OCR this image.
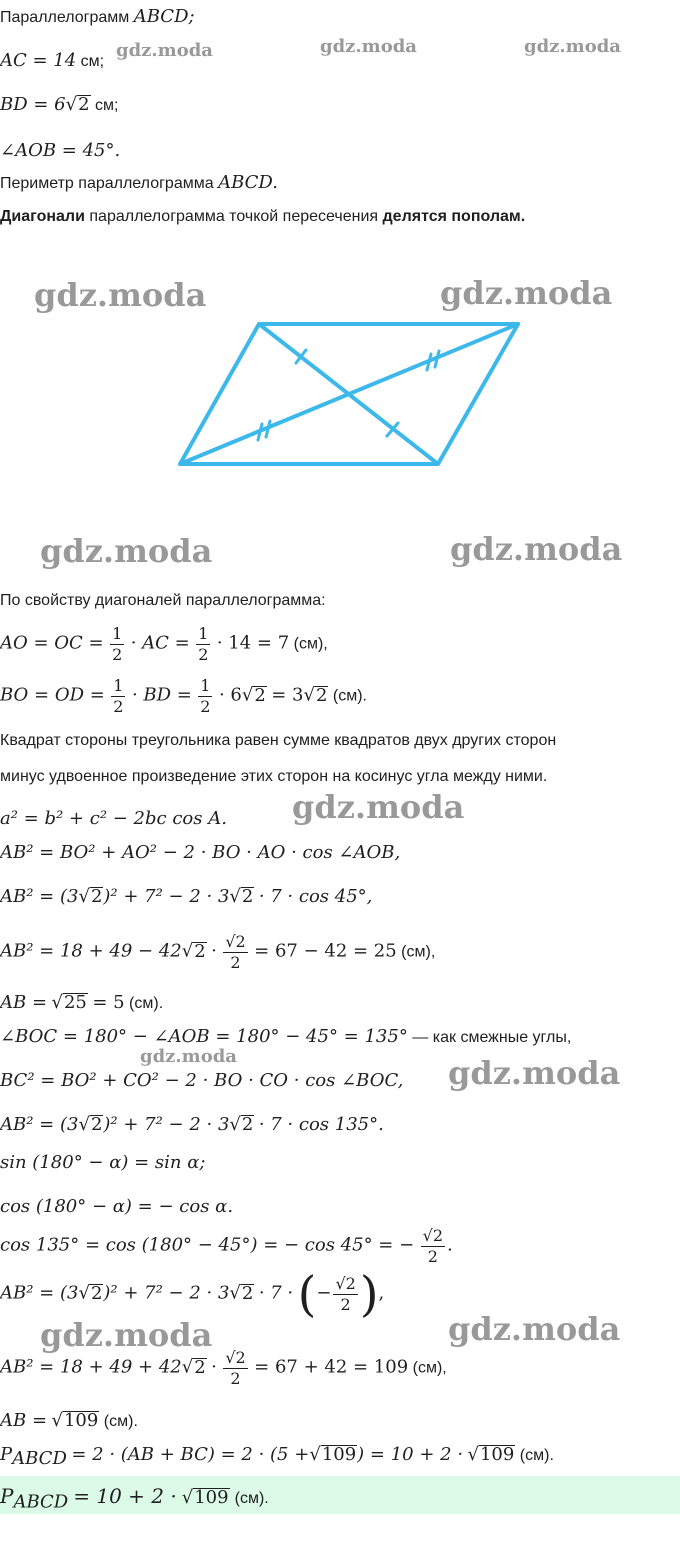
Параллелограмм ABCD;
AC = 14 см;
BD = 6√2 см;
∠AOB = 45°.
Периметр параллелограмма ABCD.
Диагонали параллелограмма точкой пересечения делятся пополам.
По свойству диагоналей параллелограмма:
AO = OC = $\frac{1}{2}$ · AC = $\frac{1}{2} \cdot 14 = 7$ (см),
BO = OD = $\frac{1}{2}$ · BD = $\frac{1}{2} \cdot 6√2 = 3√2$ (см).
Квадрат стороны треугольника равен сумме квадратов двух других сторон
минус удвоенное произведение этих сторон на косинус угла между ними.
a² = b² + c² − 2bc cos A.
AB² = BO² + AO² − 2 · BO · AO · cos ∠AOB,
AB² = (3√2)² + 7² − 2 · 3√2 · 7 · cos 45°,
$AB^2 = 18 + 49 - 42√2 \cdot \frac{√2}{2} = 67 - 42 = 25$ (см),
AB = √25 = 5 (см).
∠BOC = 180° − ∠AOB = 180° − 45° = 135° — как смежные углы,
BC² = BO² + CO² − 2 · BO · CO · cos ∠BOC,
AB² = (3√2)² + 7² − 2 · 3√2 · 7 · cos 135°.
sin (180° − α) = sin α;
cos (180° − α) = − cos α.
cos 135° = cos (180° − 45°) = − cos 45° = − $\frac{√2}{2}$ .
AB² = (3√2)² + 7² − 2 · 3√2 · 7 · (− $\frac{√2}{2}$ ),
$AB^2 = 18 + 49 + 42√2 \cdot \frac{√2}{2} = 67 + 42 = 109$ (см),
AB = √109 (см).
$P_{ABCD} = 2 \cdot (AB + BC) = 2 \cdot (5 +√109) = 10 + 2 \cdot √109$ (см).
$P_{ABCD} = 10 + 2 \cdot √109$ (см).
gdz.moda	gdz.moda	gdz.moda
gdz.moda	gdz.moda
gdz.moda	gdz.moda
gdz.moda
gdz.moda	gdz.moda
gdz.moda	gdz.moda
